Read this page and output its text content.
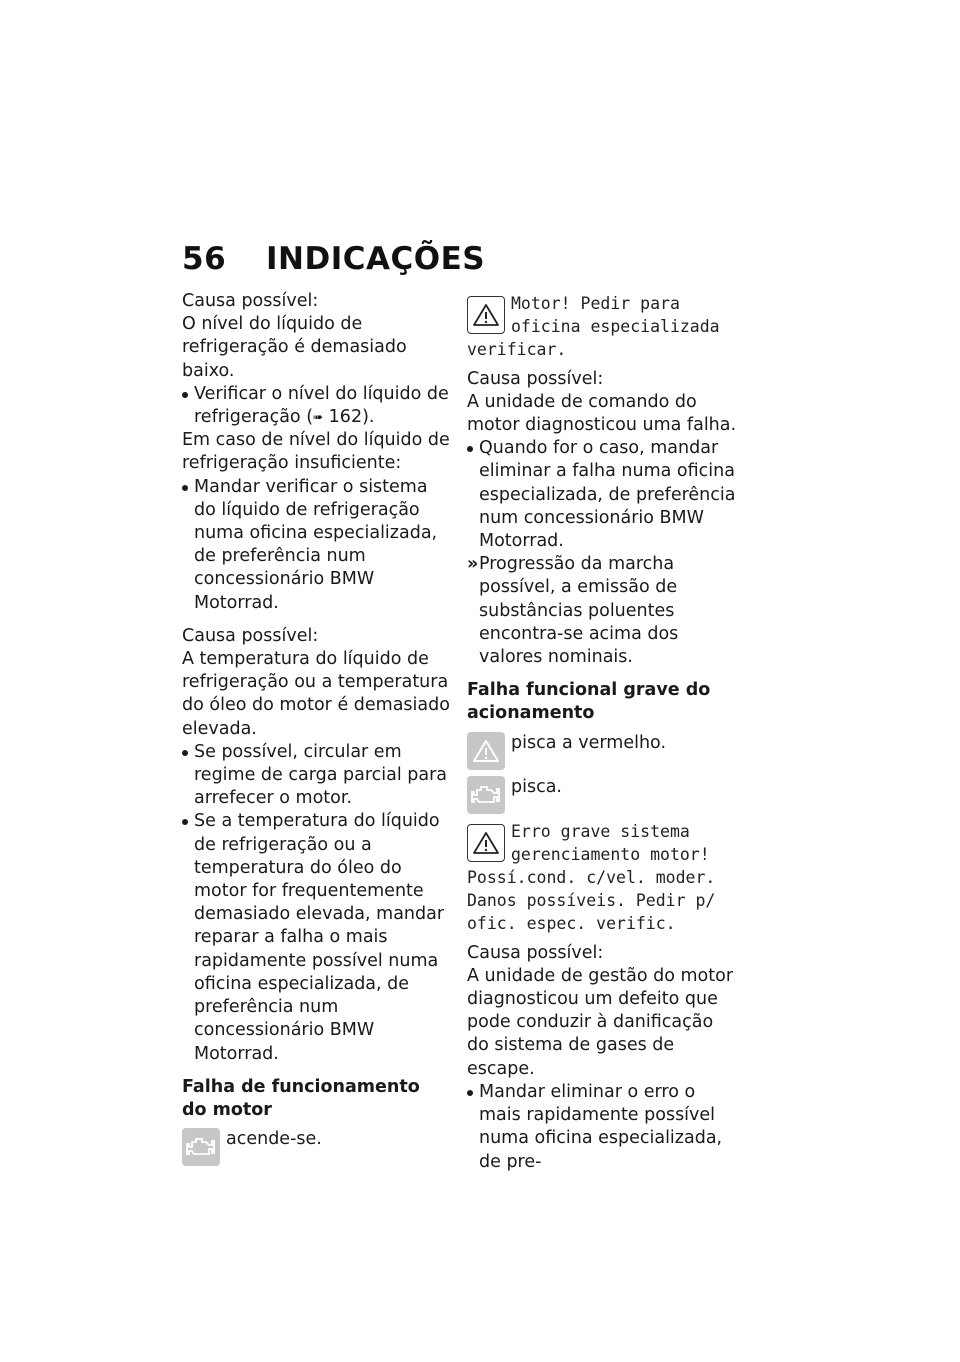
56 INDICAÇÕES

Causa possível:

O nível do líquido de refrigeração é demasiado baixo.

Verificar o nível do líquido de refrigeração (➠ 162).

Em caso de nível do líquido de refrigeração insuficiente:

Mandar verificar o sistema do líquido de refrigeração numa oficina especializada, de preferência num concessionário BMW Motorrad.

Causa possível:

A temperatura do líquido de refrigeração ou a temperatura do óleo do motor é demasiado elevada.

Se possível, circular em regime de carga parcial para arrefecer o motor.

Se a temperatura do líquido de refrigeração ou a temperatura do óleo do motor for frequentemente demasiado elevada, mandar reparar a falha o mais rapidamente possível numa oficina especializada, de preferência num concessionário BMW Motorrad.

Falha de funcionamento do motor

acende-se.
Motor! Pedir para oficina especializada verificar.

Causa possível:

A unidade de comando do motor diagnosticou uma falha.

Quando for o caso, mandar eliminar a falha numa oficina especializada, de preferência num concessionário BMW Motorrad.

» Progressão da marcha possível, a emissão de substâncias poluentes encontra-se acima dos valores nominais.

Falha funcional grave do acionamento

pisca a vermelho.
pisca.
Erro grave sistema gerenciamento motor! Possí.cond. c/vel. moder. Danos possíveis. Pedir p/ ofic. espec. verific.

Causa possível:

A unidade de gestão do motor diagnosticou um defeito que pode conduzir à danificação do sistema de gases de escape.

Mandar eliminar o erro o mais rapidamente possível numa oficina especializada, de pre-
